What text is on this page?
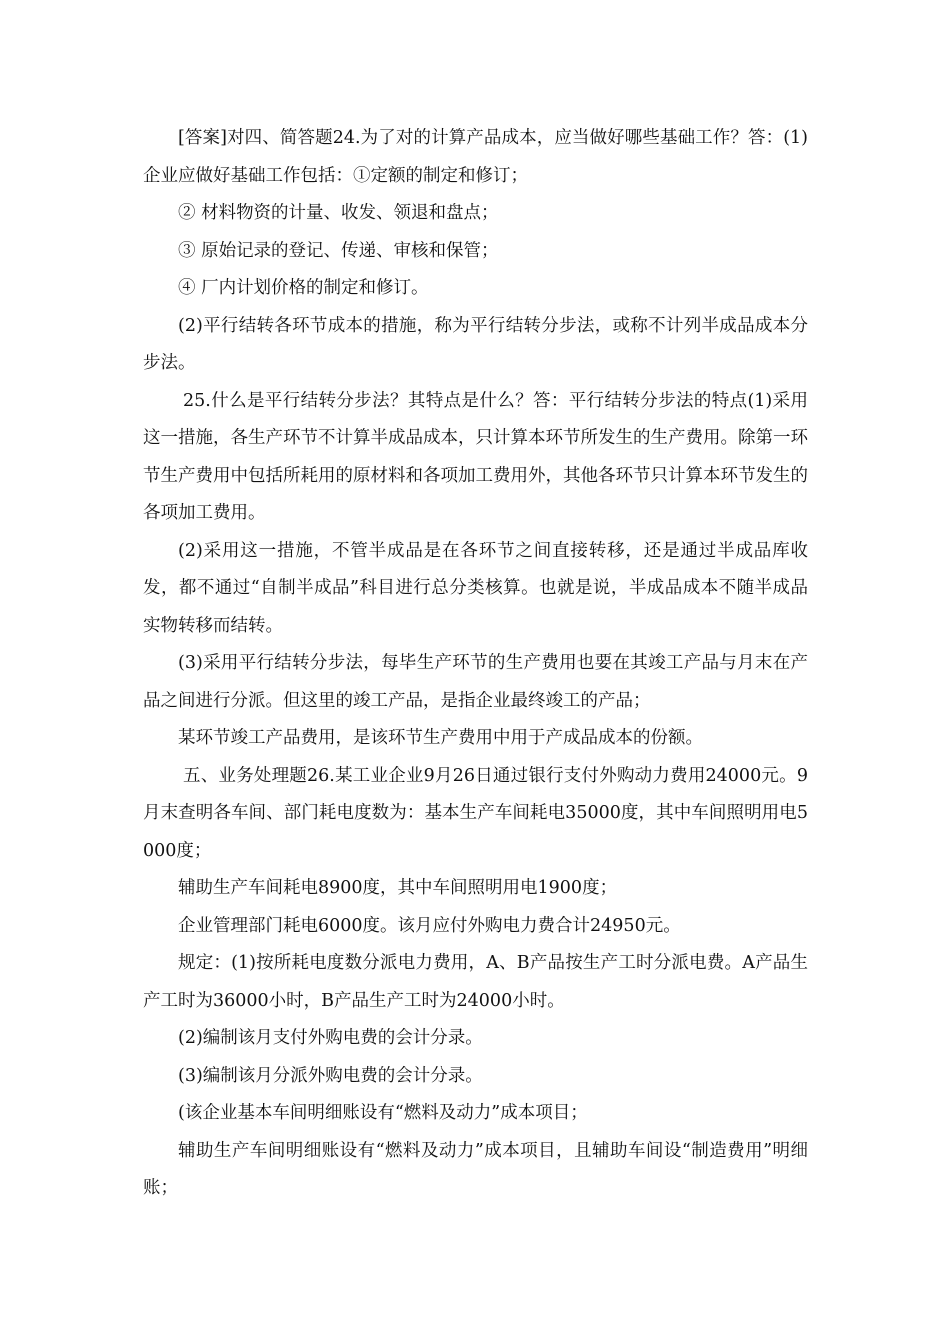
[答案]对四、简答题24.为了对的计算产品成本，应当做好哪些基础工作？答：(1)企业应做好基础工作包括：①定额的制定和修订；

② 材料物资的计量、收发、领退和盘点；

③ 原始记录的登记、传递、审核和保管；

④ 厂内计划价格的制定和修订。

(2)平行结转各环节成本的措施，称为平行结转分步法，或称不计列半成品成本分步法。

25.什么是平行结转分步法？其特点是什么？答：平行结转分步法的特点(1)采用这一措施，各生产环节不计算半成品成本，只计算本环节所发生的生产费用。除第一环节生产费用中包括所耗用的原材料和各项加工费用外，其他各环节只计算本环节发生的各项加工费用。

(2)采用这一措施，不管半成品是在各环节之间直接转移，还是通过半成品库收发，都不通过“自制半成品”科目进行总分类核算。也就是说，半成品成本不随半成品实物转移而结转。

(3)采用平行结转分步法，每毕生产环节的生产费用也要在其竣工产品与月末在产品之间进行分派。但这里的竣工产品，是指企业最终竣工的产品；

某环节竣工产品费用，是该环节生产费用中用于产成品成本的份额。

五、业务处理题26.某工业企业9月26日通过银行支付外购动力费用24000元。9月末查明各车间、部门耗电度数为：基本生产车间耗电35000度，其中车间照明用电5000度；

辅助生产车间耗电8900度，其中车间照明用电1900度；

企业管理部门耗电6000度。该月应付外购电力费合计24950元。

规定：(1)按所耗电度数分派电力费用，A、B产品按生产工时分派电费。A产品生产工时为36000小时，B产品生产工时为24000小时。

(2)编制该月支付外购电费的会计分录。

(3)编制该月分派外购电费的会计分录。

(该企业基本车间明细账设有“燃料及动力”成本项目；

辅助生产车间明细账设有“燃料及动力”成本项目，且辅助车间设“制造费用”明细账；
